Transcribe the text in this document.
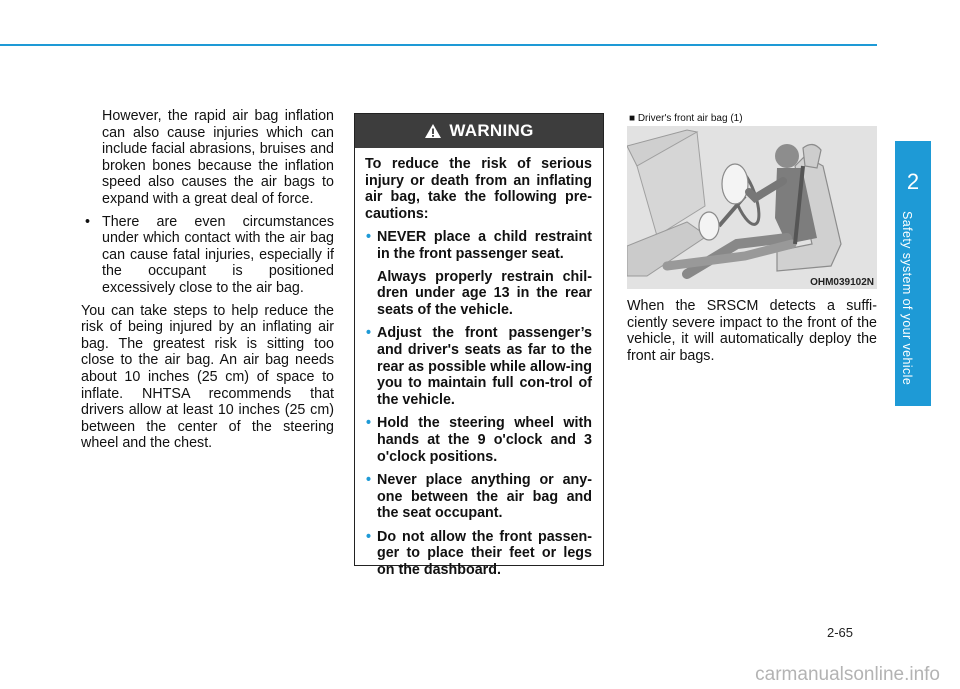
However, the rapid air bag inflation can also cause injuries which can include facial abrasions, bruises and broken bones because the inflation speed also causes the air bags to expand with a great deal of force.

• There are even circumstances under which contact with the air bag can cause fatal injuries, especially if the occupant is positioned excessively close to the air bag.

You can take steps to help reduce the risk of being injured by an inflating air bag. The greatest risk is sitting too close to the air bag. An air bag needs about 10 inches (25 cm) of space to inflate. NHTSA recommends that drivers allow at least 10 inches (25 cm) between the center of the steering wheel and the chest.

WARNING

To reduce the risk of serious injury or death from an inflating air bag, take the following pre-cautions:

• NEVER place a child restraint in the front passenger seat.
Always properly restrain chil-dren under age 13 in the rear seats of the vehicle.
• Adjust the front passenger’s and driver's seats as far to the rear as possible while allow-ing you to maintain full con-trol of the vehicle.
• Hold the steering wheel with hands at the 9 o'clock and 3 o'clock positions.
• Never place anything or any-one between the air bag and the seat occupant.
• Do not allow the front passen-ger to place their feet or legs on the dashboard.
■ Driver's front air bag (1)
OHM039102N
When the SRSCM detects a suffi-ciently severe impact to the front of the vehicle, it will automatically deploy the front air bags.
2
Safety system of your vehicle
2-65
carmanualsonline.info
